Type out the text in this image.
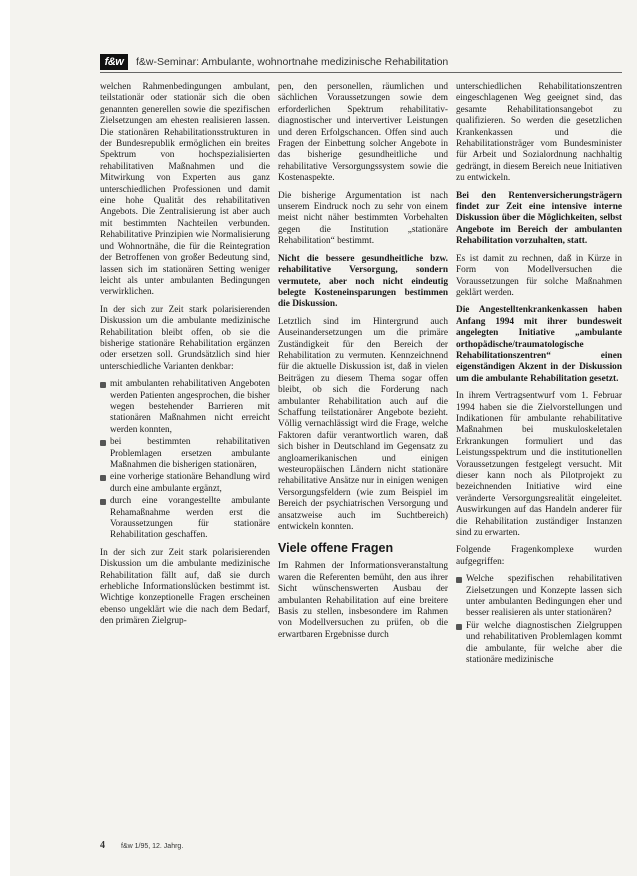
f&w	f&w-Seminar: Ambulante, wohnortnahe medizinische Rehabilitation

welchen Rahmenbedingungen ambulant, teilstationär oder stationär sich die oben genannten generellen sowie die spezifischen Zielsetzungen am ehesten realisieren lassen. Die stationären Rehabilitationsstrukturen in der Bundesrepublik ermöglichen ein breites Spektrum von hochspezialisierten rehabilitativen Maßnahmen und die Mitwirkung von Experten aus ganz unterschiedlichen Professionen und damit eine hohe Qualität des rehabilitativen Angebots. Die Zentralisierung ist aber auch mit bestimmten Nachteilen verbunden. Rehabilitative Prinzipien wie Normalisierung und Wohnortnähe, die für die Reintegration der Betroffenen von großer Bedeutung sind, lassen sich im stationären Setting weniger leicht als unter ambulanten Bedingungen verwirklichen.

In der sich zur Zeit stark polarisierenden Diskussion um die ambulante medizinische Rehabilitation bleibt offen, ob sie die bisherige stationäre Rehabilitation ergänzen oder ersetzen soll. Grundsätzlich sind hier unterschiedliche Varianten denkbar:

mit ambulanten rehabilitativen Angeboten werden Patienten angesprochen, die bisher wegen bestehender Barrieren mit stationären Maßnahmen nicht erreicht werden konnten,
bei bestimmten rehabilitativen Problemlagen ersetzen ambulante Maßnahmen die bisherigen stationären,
eine vorherige stationäre Behandlung wird durch eine ambulante ergänzt,
durch eine vorangestellte ambulante Rehamaßnahme werden erst die Voraussetzungen für stationäre Rehabilitation geschaffen.

In der sich zur Zeit stark polarisierenden Diskussion um die ambulante medizinische Rehabilitation fällt auf, daß sie durch erhebliche Informationslücken bestimmt ist. Wichtige konzeptionelle Fragen erscheinen ebenso ungeklärt wie die nach dem Bedarf, den primären Zielgrup-

pen, den personellen, räumlichen und sächlichen Voraussetzungen sowie dem erforderlichen Spektrum rehabilitativ-diagnostischer und intervertiver Leistungen und deren Erfolgschancen. Offen sind auch Fragen der Einbettung solcher Angebote in das bisherige gesundheitliche und rehabilitative Versorgungssystem sowie die Kostenaspekte.

Die bisherige Argumentation ist nach unserem Eindruck noch zu sehr von einem meist nicht näher bestimmten Vorbehalten gegen die Institution „stationäre Rehabilitation“ bestimmt.

Nicht die bessere gesundheitliche bzw. rehabilitative Versorgung, sondern vermutete, aber noch nicht eindeutig belegte Kosteneinsparungen bestimmen die Diskussion.

Letztlich sind im Hintergrund auch Auseinandersetzungen um die primäre Zuständigkeit für den Bereich der Rehabilitation zu vermuten. Kennzeichnend für die aktuelle Diskussion ist, daß in vielen Beiträgen zu diesem Thema sogar offen bleibt, ob sich die Forderung nach ambulanter Rehabilitation auch auf die Schaffung teilstationärer Angebote bezieht. Völlig vernachlässigt wird die Frage, welche Faktoren dafür verantwortlich waren, daß sich bisher in Deutschland im Gegensatz zu angloamerikanischen und einigen westeuropäischen Ländern nicht stationäre rehabilitative Ansätze nur in einigen wenigen Versorgungsfeldern (wie zum Beispiel im Bereich der psychiatrischen Versorgung und ansatzweise auch im Suchtbereich) entwickeln konnten.

Viele offene Fragen

Im Rahmen der Informationsveranstaltung waren die Referenten bemüht, den aus ihrer Sicht wünschenswerten Ausbau der ambulanten Rehabilitation auf eine breitere Basis zu stellen, insbesondere im Rahmen von Modellversuchen zu prüfen, ob die erwartbaren Ergebnisse durch

unterschiedlichen Rehabilitationszentren eingeschlagenen Weg geeignet sind, das gesamte Rehabilitationsangebot zu qualifizieren. So werden die gesetzlichen Krankenkassen und die Rehabilitationsträger vom Bundesminister für Arbeit und Sozialordnung nachhaltig gedrängt, in diesem Bereich neue Initiativen zu entwickeln.

Bei den Rentenversicherungsträgern findet zur Zeit eine intensive interne Diskussion über die Möglichkeiten, selbst Angebote im Bereich der ambulanten Rehabilitation vorzuhalten, statt.

Es ist damit zu rechnen, daß in Kürze in Form von Modellversuchen die Voraussetzungen für solche Maßnahmen geklärt werden.

Die Angestelltenkrankenkassen haben Anfang 1994 mit ihrer bundesweit angelegten Initiative „ambulante orthopädische/traumatologische Rehabilitationszentren“ einen eigenständigen Akzent in der Diskussion um die ambulante Rehabilitation gesetzt.

In ihrem Vertragsentwurf vom 1. Februar 1994 haben sie die Zielvorstellungen und Indikationen für ambulante rehabilitative Maßnahmen bei muskuloskeletalen Erkrankungen formuliert und das Leistungsspektrum und die institutionellen Voraussetzungen festgelegt versucht. Mit dieser kann noch als Pilotprojekt zu bezeichnenden Initiative wird eine veränderte Versorgungsrealität eingeleitet. Auswirkungen auf das Handeln anderer für die Rehabilitation zuständiger Instanzen sind zu erwarten.

Folgende Fragenkomplexe wurden aufgegriffen:

Welche spezifischen rehabilitativen Zielsetzungen und Konzepte lassen sich unter ambulanten Bedingungen eher und besser realisieren als unter stationären?
Für welche diagnostischen Zielgruppen und rehabilitativen Problemlagen kommt die ambulante, für welche aber die stationäre medizinische
4 f&w 1/95, 12. Jahrg.
